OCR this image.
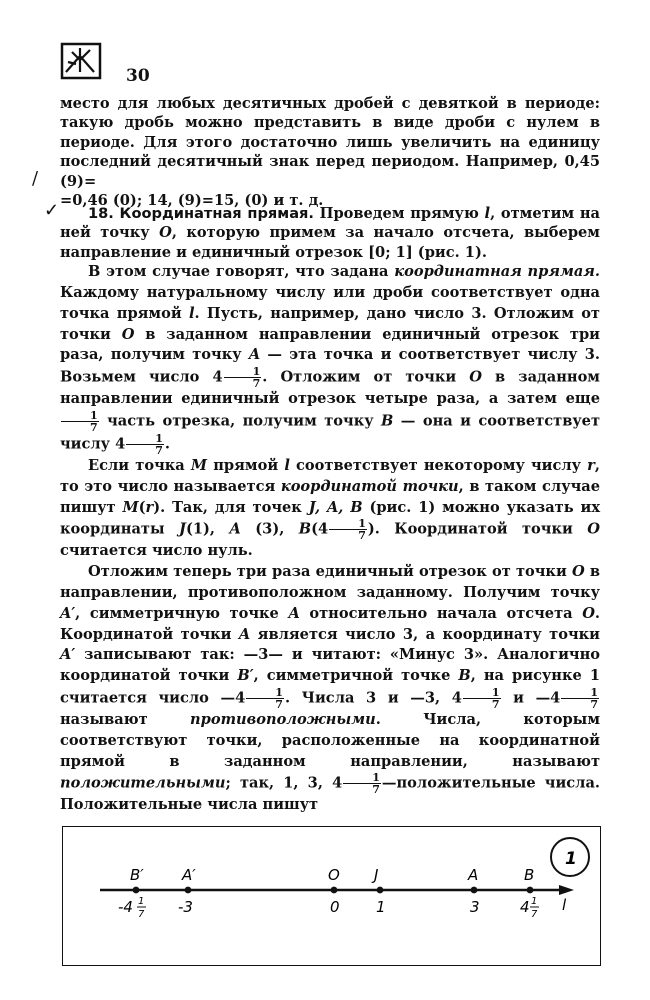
30

место для любых десятичных дробей с девяткой в периоде: такую дробь можно представить в виде дроби с нулем в периоде. Для этого достаточно лишь увеличить на единицу последний десятичный знак перед периодом. Например, 0,45 (9)=
=0,46 (0); 14, (9)=15, (0) и т. д.

/
✓	18. Координатная прямая. Проведем прямую l, отметим на ней точку O, которую примем за начало отсчета, выберем направление и единичный отрезок [0; 1] (рис. 1).

В этом случае говорят, что задана координатная прямая. Каждому натуральному числу или дроби соответствует одна точка прямой l. Пусть, например, дано число 3. Отложим от точки O в заданном направлении единичный отрезок три раза, получим точку A — эта точка и соответствует числу 3. Возьмем число $4 \frac{1}{7}$ . Отложим от точки O в заданном направлении единичный отрезок четыре раза, а затем еще
$\frac{1}{7}$ часть отрезка, получим точку B — она и соответствует числу $4 \frac{1}{7}$ .

Если точка M прямой l соответствует некоторому числу r, то это число называется координатой точки, в таком случае пишут M(r). Так, для точек J, A, B (рис. 1) можно указать их координаты J(1), A (3), $B(4 \frac{1}{7}$ ). Координатой точки O считается число нуль.

Отложим теперь три раза единичный отрезок от точки O в направлении, противоположном заданному. Получим точку A′, симметричную точке A относительно начала отсчета O. Координатой точки A является число 3, а координату точки A′ записывают так: —3— и читают: «Минус 3». Аналогично координатой точки B′, симметричной точке B, на рисунке 1 считается число —4 $\frac{1}{7}$ . Числа 3 и —3, $4 \frac{1}{7}$ и —4 $\frac{1}{7}$
называют противоположными. Числа, которым соответствуют точки, расположенные на координатной прямой в заданном направлении, называют положительными; так, 1, 3, $4 \frac{1}{7}$ —положительные числа. Положительные числа пишут

1
l
B′
-4 1
7
A′
-3
O
0
J
1
A
3
B
4 1
7
